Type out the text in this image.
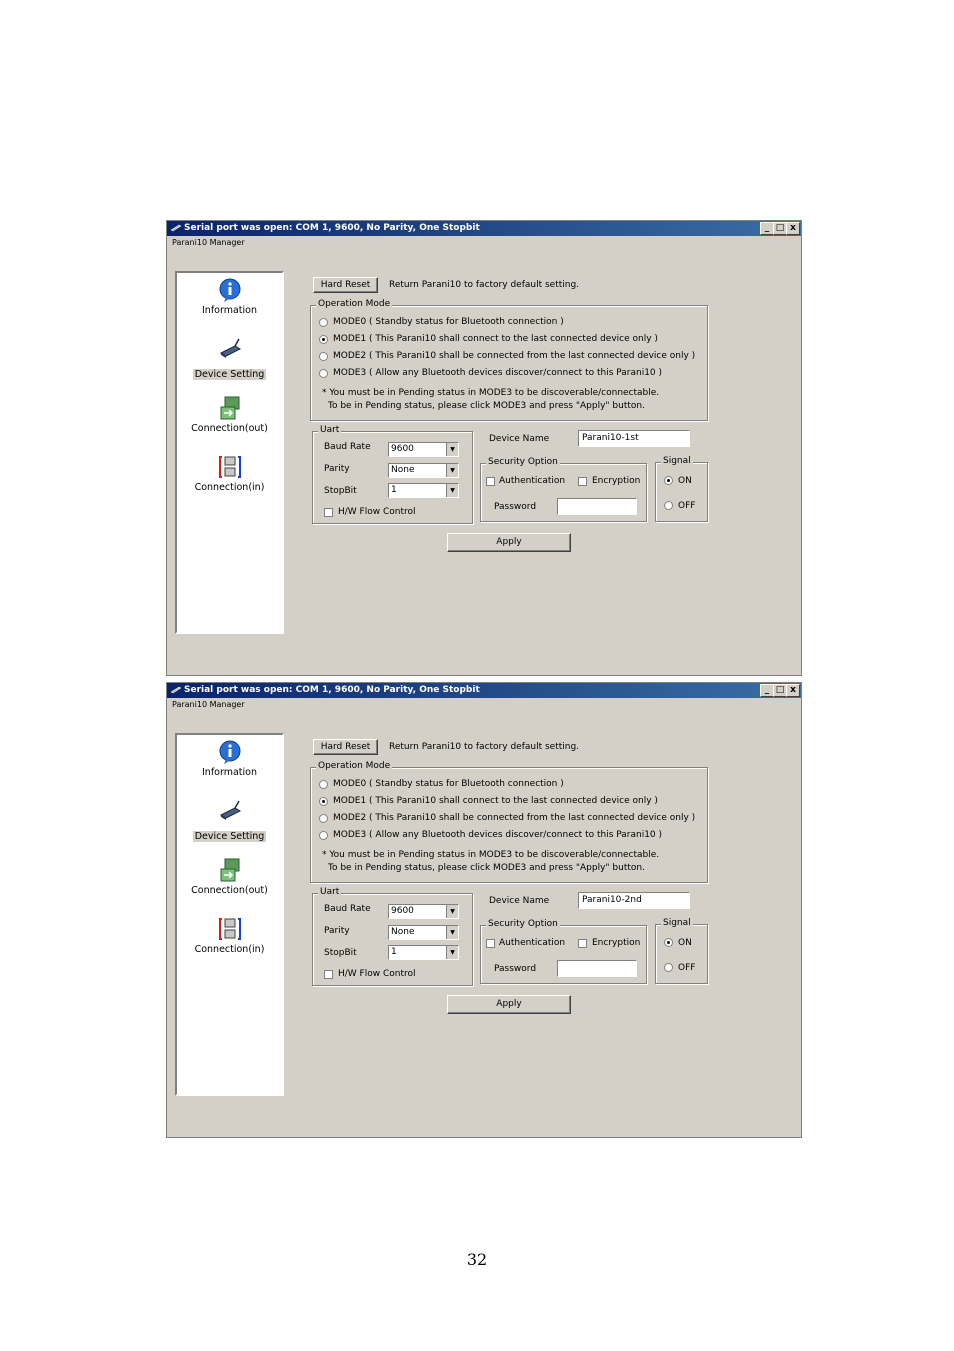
Serial port was open: COM 1, 9600, No Parity, One Stopbit	_ □ x
Parani10 Manager
Information
Device Setting
Connection(out)
Connection(in)
Hard Reset	Return Parani10 to factory default setting.
Operation Mode
MODE0 ( Standby status for Bluetooth connection )
MODE1 ( This Parani10 shall connect to the last connected device only )
MODE2 ( This Parani10 shall be connected from the last connected device only )
MODE3 ( Allow any Bluetooth devices discover/connect to this Parani10 )
* You must be in Pending status in MODE3 to be discoverable/connectable.
To be in Pending status, please click MODE3 and press "Apply" button.
Uart
Baud Rate 9600	▼
Parity	None	▼
StopBit	1	▼
H/W Flow Control
Device Name	Parani10-1st
Security Option
Authentication	Encryption
Password
Signal
ON
OFF
Apply
Serial port was open: COM 1, 9600, No Parity, One Stopbit	_ □ x
Parani10 Manager
Information
Device Setting
Connection(out)
Connection(in)
Hard Reset	Return Parani10 to factory default setting.
Operation Mode
MODE0 ( Standby status for Bluetooth connection )
MODE1 ( This Parani10 shall connect to the last connected device only )
MODE2 ( This Parani10 shall be connected from the last connected device only )
MODE3 ( Allow any Bluetooth devices discover/connect to this Parani10 )
* You must be in Pending status in MODE3 to be discoverable/connectable.
To be in Pending status, please click MODE3 and press "Apply" button.
Uart
Baud Rate 9600	▼
Parity	None	▼
StopBit	1	▼
H/W Flow Control
Device Name	Parani10-2nd
Security Option
Authentication	Encryption
Password
Signal
ON
OFF
Apply
32
